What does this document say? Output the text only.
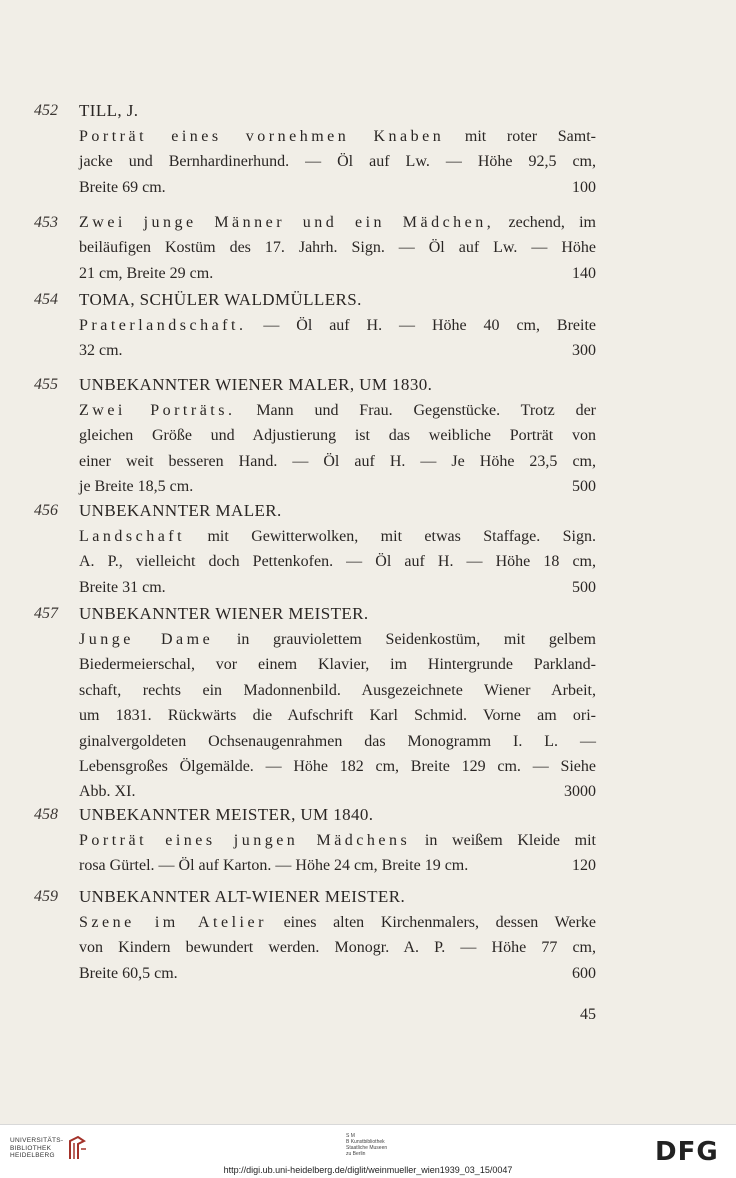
452 TILL, J.
Porträt eines vornehmen Knaben mit roter Samt-
jacke und Bernhardinerhund. — Öl auf Lw. — Höhe 92,5 cm,
Breite 69 cm.	100
453 Zwei junge Männer und ein Mädchen, zechend, im
beiläufigen Kostüm des 17. Jahrh. Sign. — Öl auf Lw. — Höhe
21 cm, Breite 29 cm.	140
454 TOMA, SCHÜLER WALDMÜLLERS.
Praterlandschaft. — Öl auf H. — Höhe 40 cm, Breite
32 cm.	300
455 UNBEKANNTER WIENER MALER, UM 1830.
Zwei Porträts. Mann und Frau. Gegenstücke. Trotz der
gleichen Größe und Adjustierung ist das weibliche Porträt von
einer weit besseren Hand. — Öl auf H. — Je Höhe 23,5 cm,
je Breite 18,5 cm.	500
456 UNBEKANNTER MALER.
Landschaft mit Gewitterwolken, mit etwas Staffage. Sign.
A. P., vielleicht doch Pettenkofen. — Öl auf H. — Höhe 18 cm,
Breite 31 cm.	500
457 UNBEKANNTER WIENER MEISTER.
Junge Dame in grauviolettem Seidenkostüm, mit gelbem
Biedermeierschal, vor einem Klavier, im Hintergrunde Parkland-
schaft, rechts ein Madonnenbild. Ausgezeichnete Wiener Arbeit,
um 1831. Rückwärts die Aufschrift Karl Schmid. Vorne am ori-
ginalvergoldeten Ochsenaugenrahmen das Monogramm I. L. —
Lebensgroßes Ölgemälde. — Höhe 182 cm, Breite 129 cm. — Siehe
Abb. XI.	3000
458 UNBEKANNTER MEISTER, UM 1840.
Porträt eines jungen Mädchens in weißem Kleide mit
rosa Gürtel. — Öl auf Karton. — Höhe 24 cm, Breite 19 cm.	120
459 UNBEKANNTER ALT-WIENER MEISTER.
Szene im Atelier eines alten Kirchenmalers, dessen Werke
von Kindern bewundert werden. Monogr. A. P. — Höhe 77 cm,
Breite 60,5 cm.	600
45
UNIVERSITÄTS-
BIBLIOTHEK
HEIDELBERG
S M
B Kunstbibliothek
Staatliche Museen
zu Berlin
http://digi.ub.uni-heidelberg.de/diglit/weinmueller_wien1939_03_15/0047
DFG
